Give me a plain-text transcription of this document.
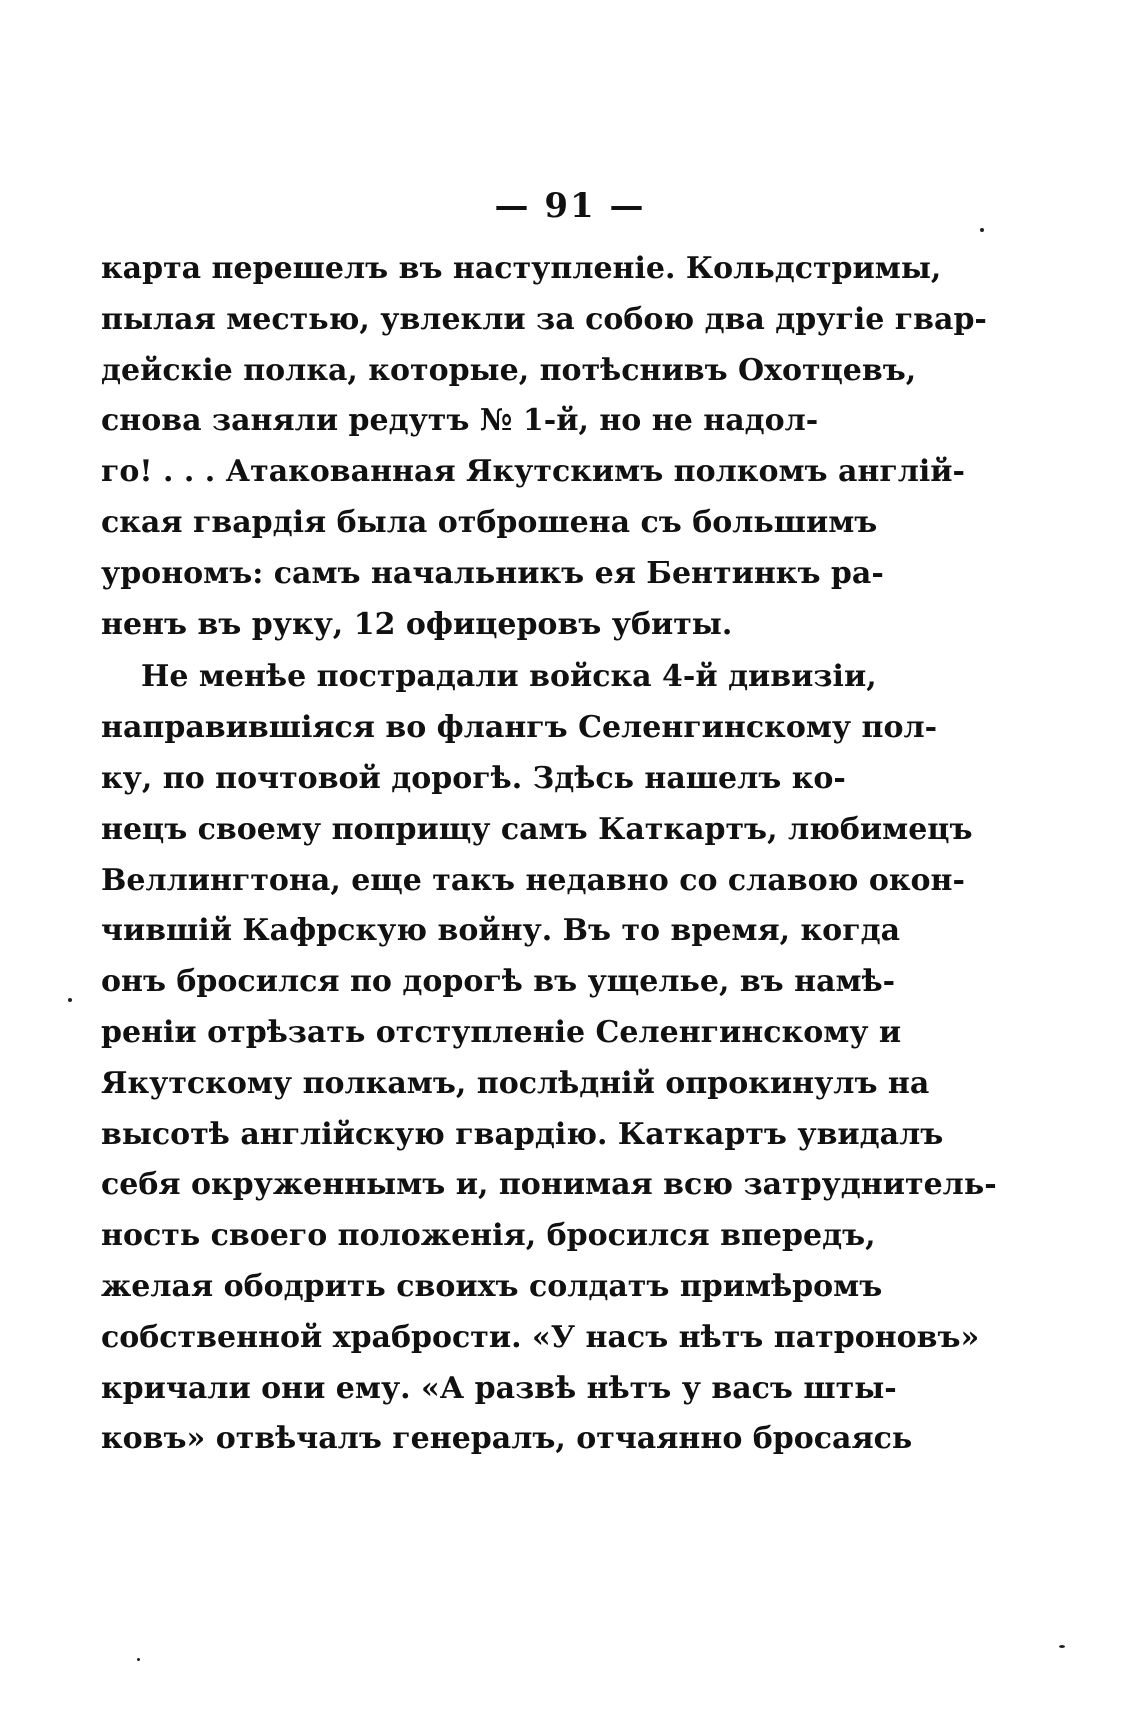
— 91 —
карта перешелъ въ наступленіе. Кольдстримы,
пылая местью, увлекли за собою два другіе гвар-
дейскіе полка, которые, потѣснивъ Охотцевъ,
снова заняли редутъ № 1-й, но не надол-
го! . . . Атакованная Якутскимъ полкомъ англій-
ская гвардія была отброшена съ большимъ
урономъ: самъ начальникъ ея Бентинкъ ра-
ненъ въ руку, 12 офицеровъ убиты.
Не менѣе пострадали войска 4-й дивизіи,
направившіяся во флангъ Селенгинскому пол-
ку, по почтовой дорогѣ. Здѣсь нашелъ ко-
нецъ своему поприщу самъ Каткартъ, любимецъ
Веллингтона, еще такъ недавно со славою окон-
чившій Кафрскую войну. Въ то время, когда
онъ бросился по дорогѣ въ ущелье, въ намѣ-
реніи отрѣзать отступленіе Селенгинскому и
Якутскому полкамъ, послѣдній опрокинулъ на
высотѣ англійскую гвардію. Каткартъ увидалъ
себя окруженнымъ и, понимая всю затруднитель-
ность своего положенія, бросился впередъ,
желая ободрить своихъ солдатъ примѣромъ
собственной храбрости. «У насъ нѣтъ патроновъ»
кричали они ему. «А развѣ нѣтъ у васъ шты-
ковъ» отвѣчалъ генералъ, отчаянно бросаясь
